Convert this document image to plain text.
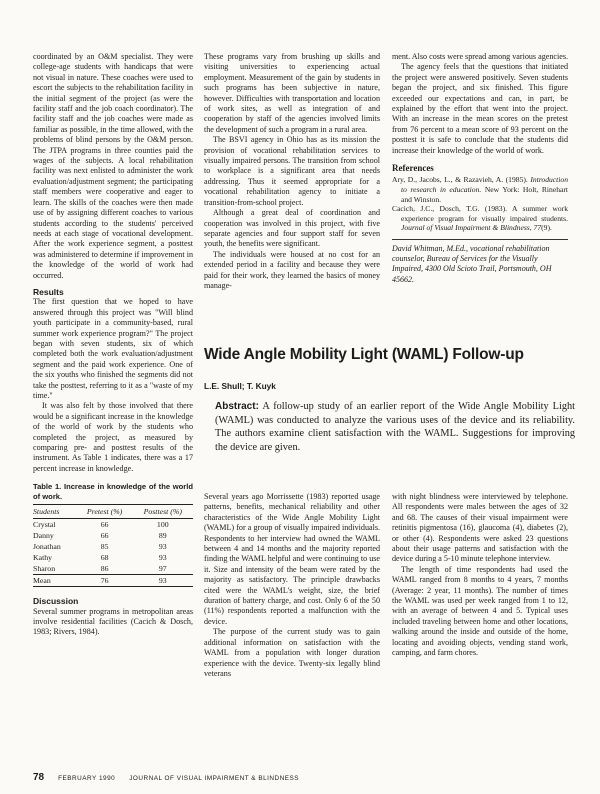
coordinated by an O&M specialist. They were college-age students with handicaps that were not visual in nature. These coaches were used to escort the subjects to the rehabilitation facility in the initial segment of the project (as were the facility staff and the job coach coordinator). The facility staff and the job coaches were made as familiar as possible, in the time allowed, with the problems of blind persons by the O&M person. The JTPA programs in three counties paid the wages of the subjects. A local rehabilitation facility was next enlisted to administer the work evaluation/adjustment segment; the participating staff members were cooperative and eager to learn. The skills of the coaches were then made use of by assigning different coaches to various students according to the students' perceived needs at each stage of vocational development. After the work experience segment, a posttest was administered to determine if improvement in the knowledge of the world of work had occurred.

Results

The first question that we hoped to have answered through this project was "Will blind youth participate in a community-based, rural summer work experience program?" The project began with seven students, six of which completed both the work evaluation/adjustment segment and the paid work experience. One of the six youths who finished the segments did not take the posttest, referring to it as a "waste of my time."

It was also felt by those involved that there would be a significant increase in the knowledge of the world of work by the students who completed the project, as measured by comparing pre- and posttest results of the instrument. As Table 1 indicates, there was a 17 percent increase in knowledge.

Table 1. Increase in knowledge of the world of work.
Students	Pretest (%)	Posttest (%)
Crystal	66	100
Danny	66	89
Jonathan	85	93
Kathy	68	93
Sharon	86	97
Mean	76	93
Discussion

Several summer programs in metropolitan areas involve residential facilities (Cacich & Dosch, 1983; Rivers, 1984).

These programs vary from brushing up skills and visiting universities to experiencing actual employment. Measurement of the gain by students in such programs has been subjective in nature, however. Difficulties with transportation and location of work sites, as well as integration of and cooperation by staff of the agencies involved limits the development of such a program in a rural area.

The BSVI agency in Ohio has as its mission the provision of vocational rehabilitation services to visually impaired persons. The transition from school to workplace is a significant area that needs addressing. Thus it seemed appropriate for a vocational rehabilitation agency to initiate a transition-from-school project.

Although a great deal of coordination and cooperation was involved in this project, with five separate agencies and four support staff for seven youth, the benefits were significant.

The individuals were housed at no cost for an extended period in a facility and because they were paid for their work, they learned the basics of money manage-

ment. Also costs were spread among various agencies.

The agency feels that the questions that initiated the project were answered positively. Seven students began the project, and six finished. This figure exceeded our expectations and can, in part, be explained by the effort that went into the project. With an increase in the mean scores on the pretest from 76 percent to a mean score of 93 percent on the posttest it is safe to conclude that the students did increase their knowledge of the world of work.

References

Ary, D., Jacobs, L., & Razavieh, A. (1985). Introduction to research in education. New York: Holt, Rinehart and Winston.

Cacich, J.C., Dosch, T.G. (1983). A summer work experience program for visually impaired students. Journal of Visual Impairment & Blindness, 77(9).

David Whitman, M.Ed., vocational rehabilitation counselor, Bureau of Services for the Visually Impaired, 4300 Old Scioto Trail, Portsmouth, OH 45662.
Wide Angle Mobility Light (WAML) Follow-up
L.E. Shull; T. Kuyk
Abstract: A follow-up study of an earlier report of the Wide Angle Mobility Light (WAML) was conducted to analyze the various uses of the device and its reliability. The authors examine client satisfaction with the WAML. Suggestions for improving the device are given.

Several years ago Morrissette (1983) reported usage patterns, benefits, mechanical reliability and other characteristics of the Wide Angle Mobility Light (WAML) for a group of visually impaired individuals. Respondents to her interview had owned the WAML between 4 and 14 months and the majority reported finding the WAML helpful and were continuing to use it. Size and intensity of the beam were rated by the majority as satisfactory. The principle drawbacks cited were the WAML's weight, size, the brief duration of battery charge, and cost. Only 6 of the 50 (11%) respondents reported a malfunction with the device.

The purpose of the current study was to gain additional information on satisfaction with the WAML from a population with longer duration experience with the device. Twenty-six legally blind veterans

with night blindness were interviewed by telephone. All respondents were males between the ages of 32 and 68. The causes of their visual impairment were retinitis pigmentosa (16), glaucoma (4), diabetes (2), or other (4). Respondents were asked 23 questions about their usage patterns and satisfaction with the device during a 5-10 minute telephone interview.

The length of time respondents had used the WAML ranged from 8 months to 4 years, 7 months (Average: 2 year, 11 months). The number of times the WAML was used per week ranged from 1 to 12, with an average of between 4 and 5. Typical uses included traveling between home and other locations, walking around the inside and outside of the home, locating and avoiding objects, vending stand work, camping, and farm chores.

78 FEBRUARY 1990 JOURNAL OF VISUAL IMPAIRMENT & BLINDNESS
